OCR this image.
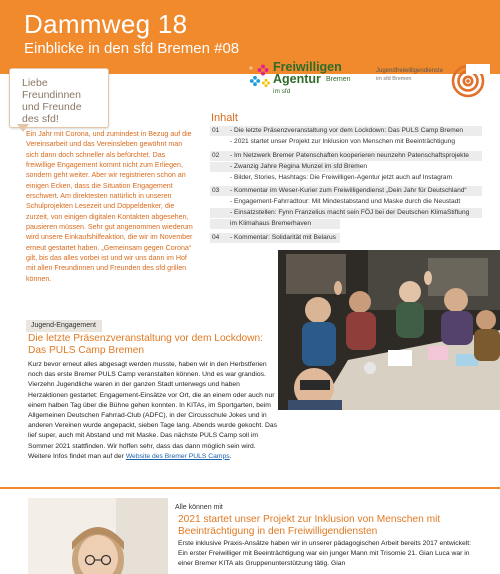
Dammweg 18
Einblicke in den sfd Bremen #08
Liebe
Freundinnen
und Freunde
des sfd!
Freiwilligen
Agentur Bremen
im sfd
Jugendfreiwilligendienste
im sfd Bremen
Ein Jahr mit Corona, und zumindest in Bezug auf die Vereinsarbeit und das Vereinsleben gewöhnt man sich dann doch schneller als befürchtet. Das freiwillige Engagement kommt nicht zum Erliegen, sondern geht weiter. Aber wir registrieren schon an einigen Ecken, dass die Situation Engagement erschwert. Am direktesten natürlich in unseren Schulprojekten Lesezeit und Doppeldenker, die zurzeit, von einigen digitalen Kontakten abgesehen, pausieren müssen. Sehr gut angenommen wiederum wird unsere Einkaufshilfeaktion, die wir im November erneut gestartet haben. „Gemeinsam gegen Corona“ gilt, bis das alles vorbei ist und wir uns dann im Hof mit allen Freundinnen und Freunden des sfd grillen können.
Inhalt
01	- Die letzte Präsenzveranstaltung vor dem Lockdown: Das PULS Camp Bremen
- 2021 startet unser Projekt zur Inklusion von Menschen mit Beeinträchtigung
02	- Im Netzwerk Bremer Patenschaften kooperieren neunzehn Patenschaftsprojekte
- Zwanzig Jahre Regina Munzel im sfd Bremen
- Bilder, Stories, Hashtags: Die Freiwilligen-Agentur jetzt auch auf Instagram
03	- Kommentar im Weser-Kurier zum Freiwilligendienst „Dein Jahr für Deutschland“
- Engagement-Fahrradtour: Mit Mindestabstand und Maske durch die Neustadt
- Einsatzstellen: Fynn Franzelius macht sein FÖJ bei der Deutschen KlimaStiftung
im Klimahaus Bremerhaven
04	- Kommentar: Solidarität mit Belarus
Jugend-Engagement
Die letzte Präsenzveranstaltung vor dem Lockdown: Das PULS Camp Bremen
Kurz bevor erneut alles abgesagt werden musste, haben wir in den Herbstferien noch das erste Bremer PULS Camp veranstalten können. Und es war grandios. Vierzehn Jugendliche waren in der ganzen Stadt unterwegs und haben Herzaktionen gestartet: Engagement-Einsätze vor Ort, die an einem oder auch nur einem halben Tag über die Bühne gehen konnten. In KITAs, im Sportgarten, beim Allgemeinen Deutschen Fahrrad-Club (ADFC), in der Circusschule Jokes und in anderen Vereinen wurde angepackt, sieben Tage lang. Abends wurde gekocht. Das lief super, auch mit Abstand und mit Maske. Das nächste PULS Camp soll im Sommer 2021 stattfinden. Wir hoffen sehr, dass das dann möglich sein wird. Weitere Infos findet man auf der Website des Bremer PULS Camps.
Alle können mit
2021 startet unser Projekt zur Inklusion von Menschen mit Beeinträchtigung in den Freiwilligendiensten
Erste inklusive Praxis-Ansätze haben wir in unserer pädagogischen Arbeit bereits 2017 entwickelt: Ein erster Freiwilliger mit Beeinträchtigung war ein junger Mann mit Trisomie 21. Gian Luca war in einer Bremer KITA als Gruppenunterstützung tätig. Gian
